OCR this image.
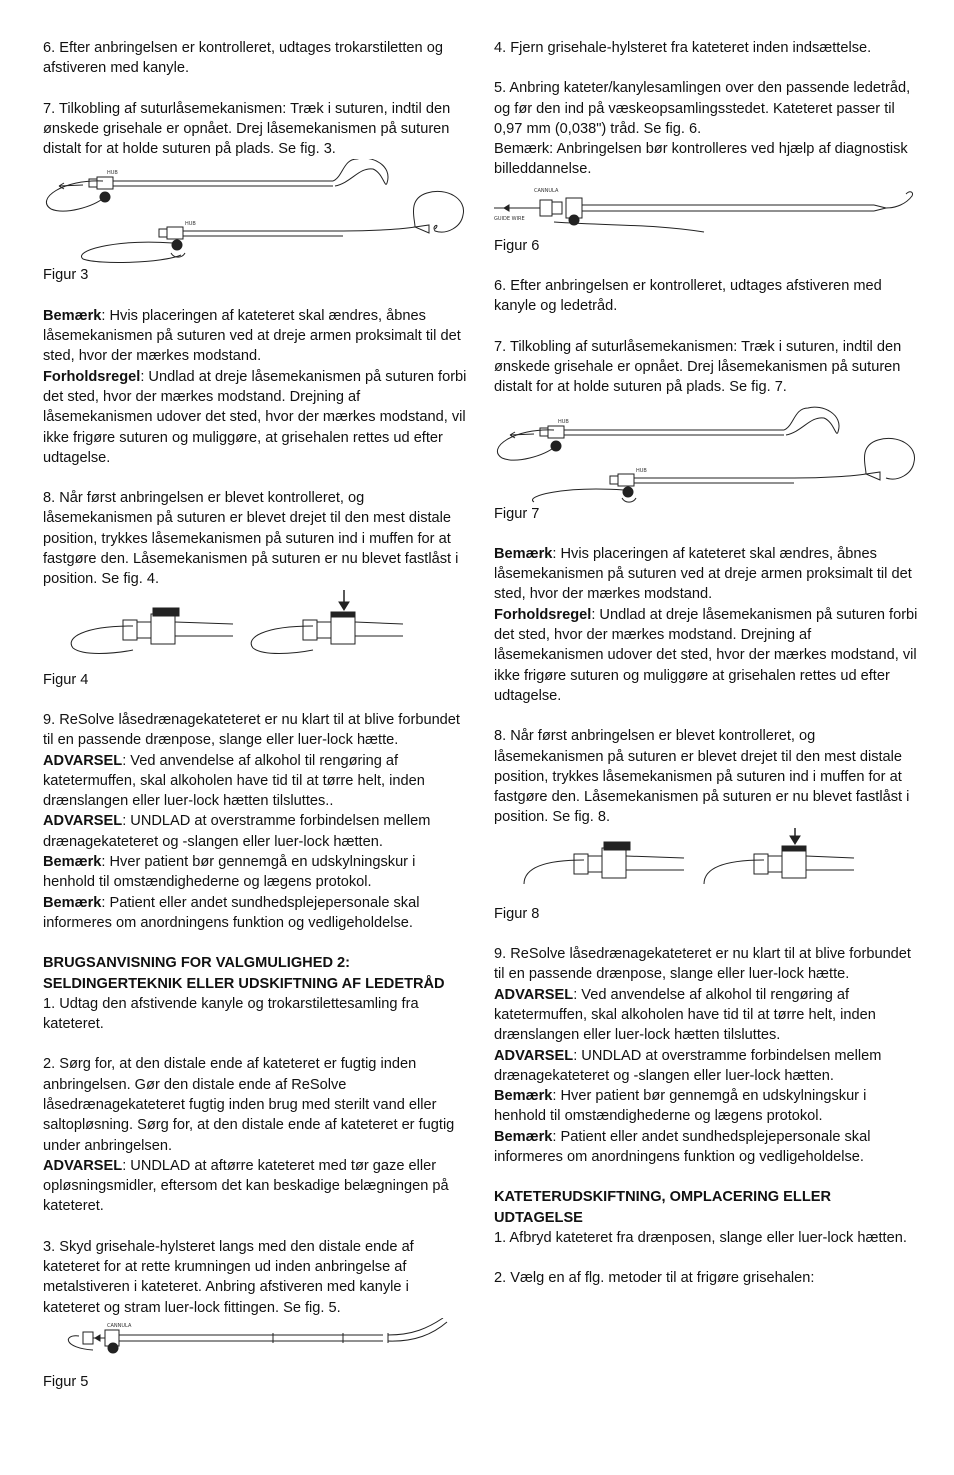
6. Efter anbringelsen er kontrolleret, udtages trokarstiletten og afstiveren med kanyle.

7. Tilkobling af suturlåsemekanismen: Træk i suturen, indtil den ønskede grisehale er opnået. Drej låsemekanismen på suturen distalt for at holde suturen på plads. Se fig. 3.

HUB
HUB

Figur 3

Bemærk: Hvis placeringen af kateteret skal ændres, åbnes låsemekanismen på suturen ved at dreje armen proksimalt til det sted, hvor der mærkes modstand.

Forholdsregel: Undlad at dreje låsemekanismen på suturen forbi det sted, hvor der mærkes modstand. Drejning af låsemekanismen udover det sted, hvor der mærkes modstand, vil ikke frigøre suturen og muliggøre, at grisehalen rettes ud efter udtagelse.

8. Når først anbringelsen er blevet kontrolleret, og låsemekanismen på suturen er blevet drejet til den mest distale position, trykkes låsemekanismen på suturen ind i muffen for at fastgøre den. Låsemekanismen på suturen er nu blevet fastlåst i position. Se fig. 4.

Figur 4

9. ReSolve låsedrænagekateteret er nu klart til at blive forbundet til en passende drænpose, slange eller luer-lock hætte.

ADVARSEL: Ved anvendelse af alkohol til rengøring af katetermuffen, skal alkoholen have tid til at tørre helt, inden drænslangen eller luer-lock hætten tilsluttes..

ADVARSEL: UNDLAD at overstramme forbindelsen mellem drænagekateteret og -slangen eller luer-lock hætten.

Bemærk: Hver patient bør gennemgå en udskylningskur i henhold til omstændighederne og lægens protokol.

Bemærk: Patient eller andet sundhedsplejepersonale skal informeres om anordningens funktion og vedligeholdelse.

BRUGSANVISNING FOR VALGMULIGHED 2: SELDINGERTEKNIK ELLER UDSKIFTNING AF LEDETRÅD

1. Udtag den afstivende kanyle og trokarstilettesamling fra kateteret.

2. Sørg for, at den distale ende af kateteret er fugtig inden anbringelsen. Gør den distale ende af ReSolve låsedrænagekateteret fugtig inden brug med sterilt vand eller saltopløsning. Sørg for, at den distale ende af kateteret er fugtig under anbringelsen.

ADVARSEL: UNDLAD at aftørre kateteret med tør gaze eller opløsningsmidler, eftersom det kan beskadige belægningen på kateteret.

3. Skyd grisehale-hylsteret langs med den distale ende af kateteret for at rette krumningen ud inden anbringelse af metalstiveren i kateteret. Anbring afstiveren med kanyle i kateteret og stram luer-lock fittingen. Se fig. 5.

CANNULA

Figur 5

4. Fjern grisehale-hylsteret fra kateteret inden indsættelse.

5. Anbring kateter/kanylesamlingen over den passende ledetråd, og før den ind på væskeopsamlingsstedet. Kateteret passer til 0,97 mm (0,038") tråd. Se fig. 6.

Bemærk: Anbringelsen bør kontrolleres ved hjælp af diagnostisk billeddannelse.

CANNULA
GUIDE WIRE

Figur 6

6. Efter anbringelsen er kontrolleret, udtages afstiveren med kanyle og ledetråd.

7. Tilkobling af suturlåsemekanismen: Træk i suturen, indtil den ønskede grisehale er opnået. Drej låsemekanismen på suturen distalt for at holde suturen på plads. Se fig. 7.

HUB
HUB

Figur 7

Bemærk: Hvis placeringen af kateteret skal ændres, åbnes låsemekanismen på suturen ved at dreje armen proksimalt til det sted, hvor der mærkes modstand.

Forholdsregel: Undlad at dreje låsemekanismen på suturen forbi det sted, hvor der mærkes modstand. Drejning af låsemekanismen udover det sted, hvor der mærkes modstand, vil ikke frigøre suturen og muliggøre at grisehalen rettes ud efter udtagelse.

8. Når først anbringelsen er blevet kontrolleret, og låsemekanismen på suturen er blevet drejet til den mest distale position, trykkes låsemekanismen på suturen ind i muffen for at fastgøre den. Låsemekanismen på suturen er nu blevet fastlåst i position. Se fig. 8.

Figur 8

9. ReSolve låsedrænagekateteret er nu klart til at blive forbundet til en passende drænpose, slange eller luer-lock hætte.

ADVARSEL: Ved anvendelse af alkohol til rengøring af katetermuffen, skal alkoholen have tid til at tørre helt, inden drænslangen eller luer-lock hætten tilsluttes.

ADVARSEL: UNDLAD at overstramme forbindelsen mellem drænagekateteret og -slangen eller luer-lock hætten.

Bemærk: Hver patient bør gennemgå en udskylningskur i henhold til omstændighederne og lægens protokol.

Bemærk: Patient eller andet sundhedsplejepersonale skal informeres om anordningens funktion og vedligeholdelse.

KATETERUDSKIFTNING, OMPLACERING ELLER UDTAGELSE

1. Afbryd kateteret fra drænposen, slange eller luer-lock hætten.

2. Vælg en af flg. metoder til at frigøre grisehalen:
